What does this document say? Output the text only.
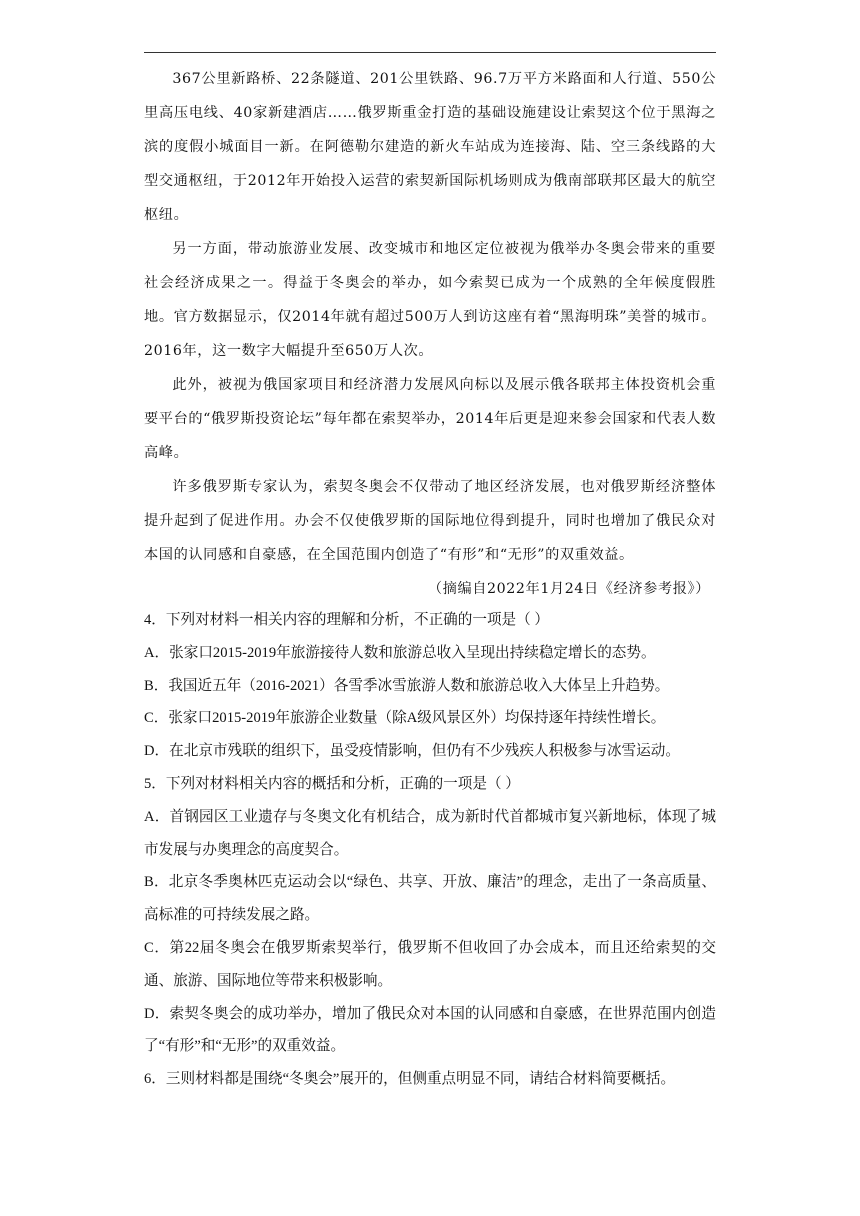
367公里新路桥、22条隧道、201公里铁路、96.7万平方米路面和人行道、550公里高压电线、40家新建酒店……俄罗斯重金打造的基础设施建设让索契这个位于黑海之滨的度假小城面目一新。在阿德勒尔建造的新火车站成为连接海、陆、空三条线路的大型交通枢纽，于2012年开始投入运营的索契新国际机场则成为俄南部联邦区最大的航空枢纽。

另一方面，带动旅游业发展、改变城市和地区定位被视为俄举办冬奥会带来的重要社会经济成果之一。得益于冬奥会的举办，如今索契已成为一个成熟的全年候度假胜地。官方数据显示，仅2014年就有超过500万人到访这座有着“黑海明珠”美誉的城市。2016年，这一数字大幅提升至650万人次。

此外，被视为俄国家项目和经济潜力发展风向标以及展示俄各联邦主体投资机会重要平台的“俄罗斯投资论坛”每年都在索契举办，2014年后更是迎来参会国家和代表人数高峰。

许多俄罗斯专家认为，索契冬奥会不仅带动了地区经济发展，也对俄罗斯经济整体提升起到了促进作用。办会不仅使俄罗斯的国际地位得到提升，同时也增加了俄民众对本国的认同感和自豪感，在全国范围内创造了“有形”和“无形”的双重效益。

（摘编自2022年1月24日《经济参考报》）

4．下列对材料一相关内容的理解和分析，不正确的一项是（ ）

A．张家口2015-2019年旅游接待人数和旅游总收入呈现出持续稳定增长的态势。

B．我国近五年（2016-2021）各雪季冰雪旅游人数和旅游总收入大体呈上升趋势。

C．张家口2015-2019年旅游企业数量（除A级风景区外）均保持逐年持续性增长。

D．在北京市残联的组织下，虽受疫情影响，但仍有不少残疾人积极参与冰雪运动。

5．下列对材料相关内容的概括和分析，正确的一项是（ ）

A．首钢园区工业遗存与冬奥文化有机结合，成为新时代首都城市复兴新地标，体现了城市发展与办奥理念的高度契合。

B．北京冬季奥林匹克运动会以“绿色、共享、开放、廉洁”的理念，走出了一条高质量、高标准的可持续发展之路。

C．第22届冬奥会在俄罗斯索契举行，俄罗斯不但收回了办会成本，而且还给索契的交通、旅游、国际地位等带来积极影响。

D．索契冬奥会的成功举办，增加了俄民众对本国的认同感和自豪感，在世界范围内创造了“有形”和“无形”的双重效益。

6．三则材料都是围绕“冬奥会”展开的，但侧重点明显不同，请结合材料简要概括。
